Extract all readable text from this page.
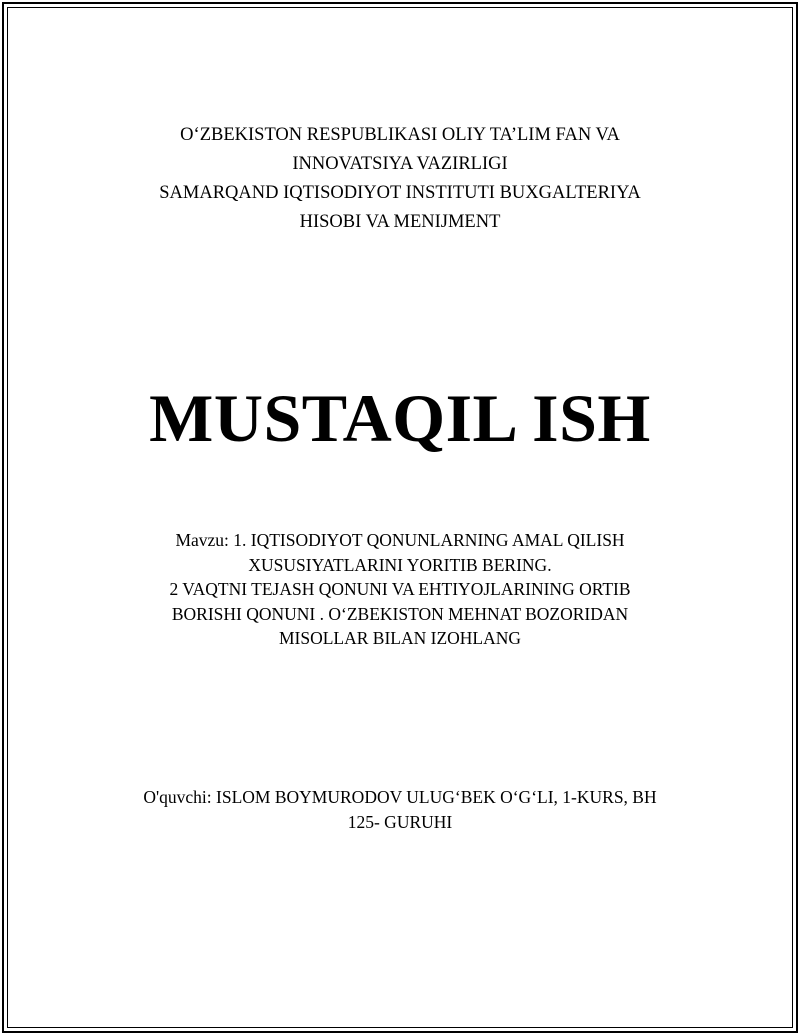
O‘ZBEKISTON RESPUBLIKASI OLIY TA’LIM FAN VA
INNOVATSIYA VAZIRLIGI
SAMARQAND IQTISODIYOT INSTITUTI BUXGALTERIYA
HISOBI VA MENIJMENT
MUSTAQIL ISH
Mavzu: 1. IQTISODIYOT QONUNLARNING AMAL QILISH
XUSUSIYATLARINI YORITIB BERING.
2 VAQTNI TEJASH QONUNI VA EHTIYOJLARINING ORTIB
BORISHI QONUNI . O‘ZBEKISTON MEHNAT BOZORIDAN
MISOLLAR BILAN IZOHLANG
O'quvchi: ISLOM BOYMURODOV ULUG‘BEK O‘G‘LI, 1-KURS, BH
125- GURUHI
